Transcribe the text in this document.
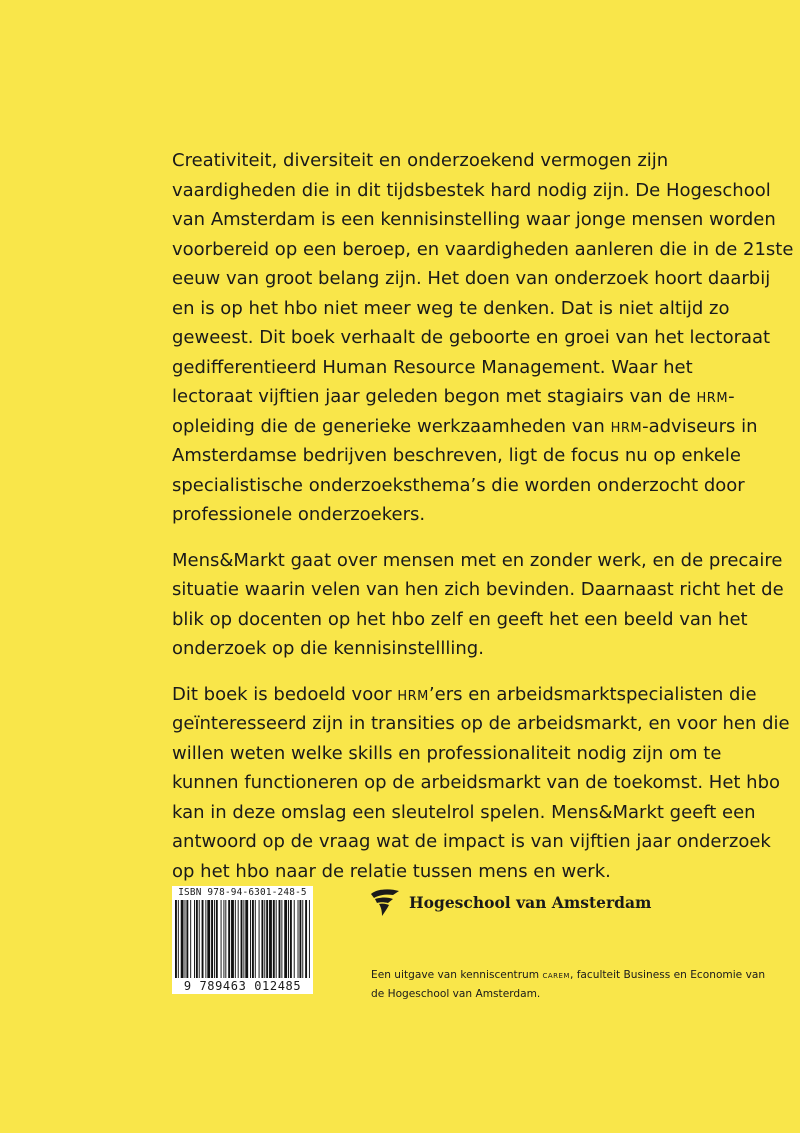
Creativiteit, diversiteit en onderzoekend vermogen zijn
vaardigheden die in dit tijdsbestek hard nodig zijn. De Hogeschool
van Amsterdam is een kennisinstelling waar jonge mensen worden
voorbereid op een beroep, en vaardigheden aanleren die in de 21ste
eeuw van groot belang zijn. Het doen van onderzoek hoort daarbij
en is op het hbo niet meer weg te denken. Dat is niet altijd zo
geweest. Dit boek verhaalt de geboorte en groei van het lectoraat
gedifferentieerd Human Resource Management. Waar het
lectoraat vijftien jaar geleden begon met stagiairs van de hrm-
opleiding die de generieke werkzaamheden van hrm-adviseurs in
Amsterdamse bedrijven beschreven, ligt de focus nu op enkele
specialistische onderzoeksthema’s die worden onderzocht door
professionele onderzoekers.

Mens&Markt gaat over mensen met en zonder werk, en de precaire
situatie waarin velen van hen zich bevinden. Daarnaast richt het de
blik op docenten op het hbo zelf en geeft het een beeld van het
onderzoek op die kennisinstellling.

Dit boek is bedoeld voor hrm’ers en arbeidsmarktspecialisten die
geïnteresseerd zijn in transities op de arbeidsmarkt, en voor hen die
willen weten welke skills en professionaliteit nodig zijn om te
kunnen functioneren op de arbeidsmarkt van de toekomst. Het hbo
kan in deze omslag een sleutelrol spelen. Mens&Markt geeft een
antwoord op de vraag wat de impact is van vijftien jaar onderzoek
op het hbo naar de relatie tussen mens en werk.

ISBN 978-94-6301-248-5
9 789463 012485
Hogeschool van Amsterdam

Een uitgave van kenniscentrum carem, faculteit Business en Economie van
de Hogeschool van Amsterdam.
